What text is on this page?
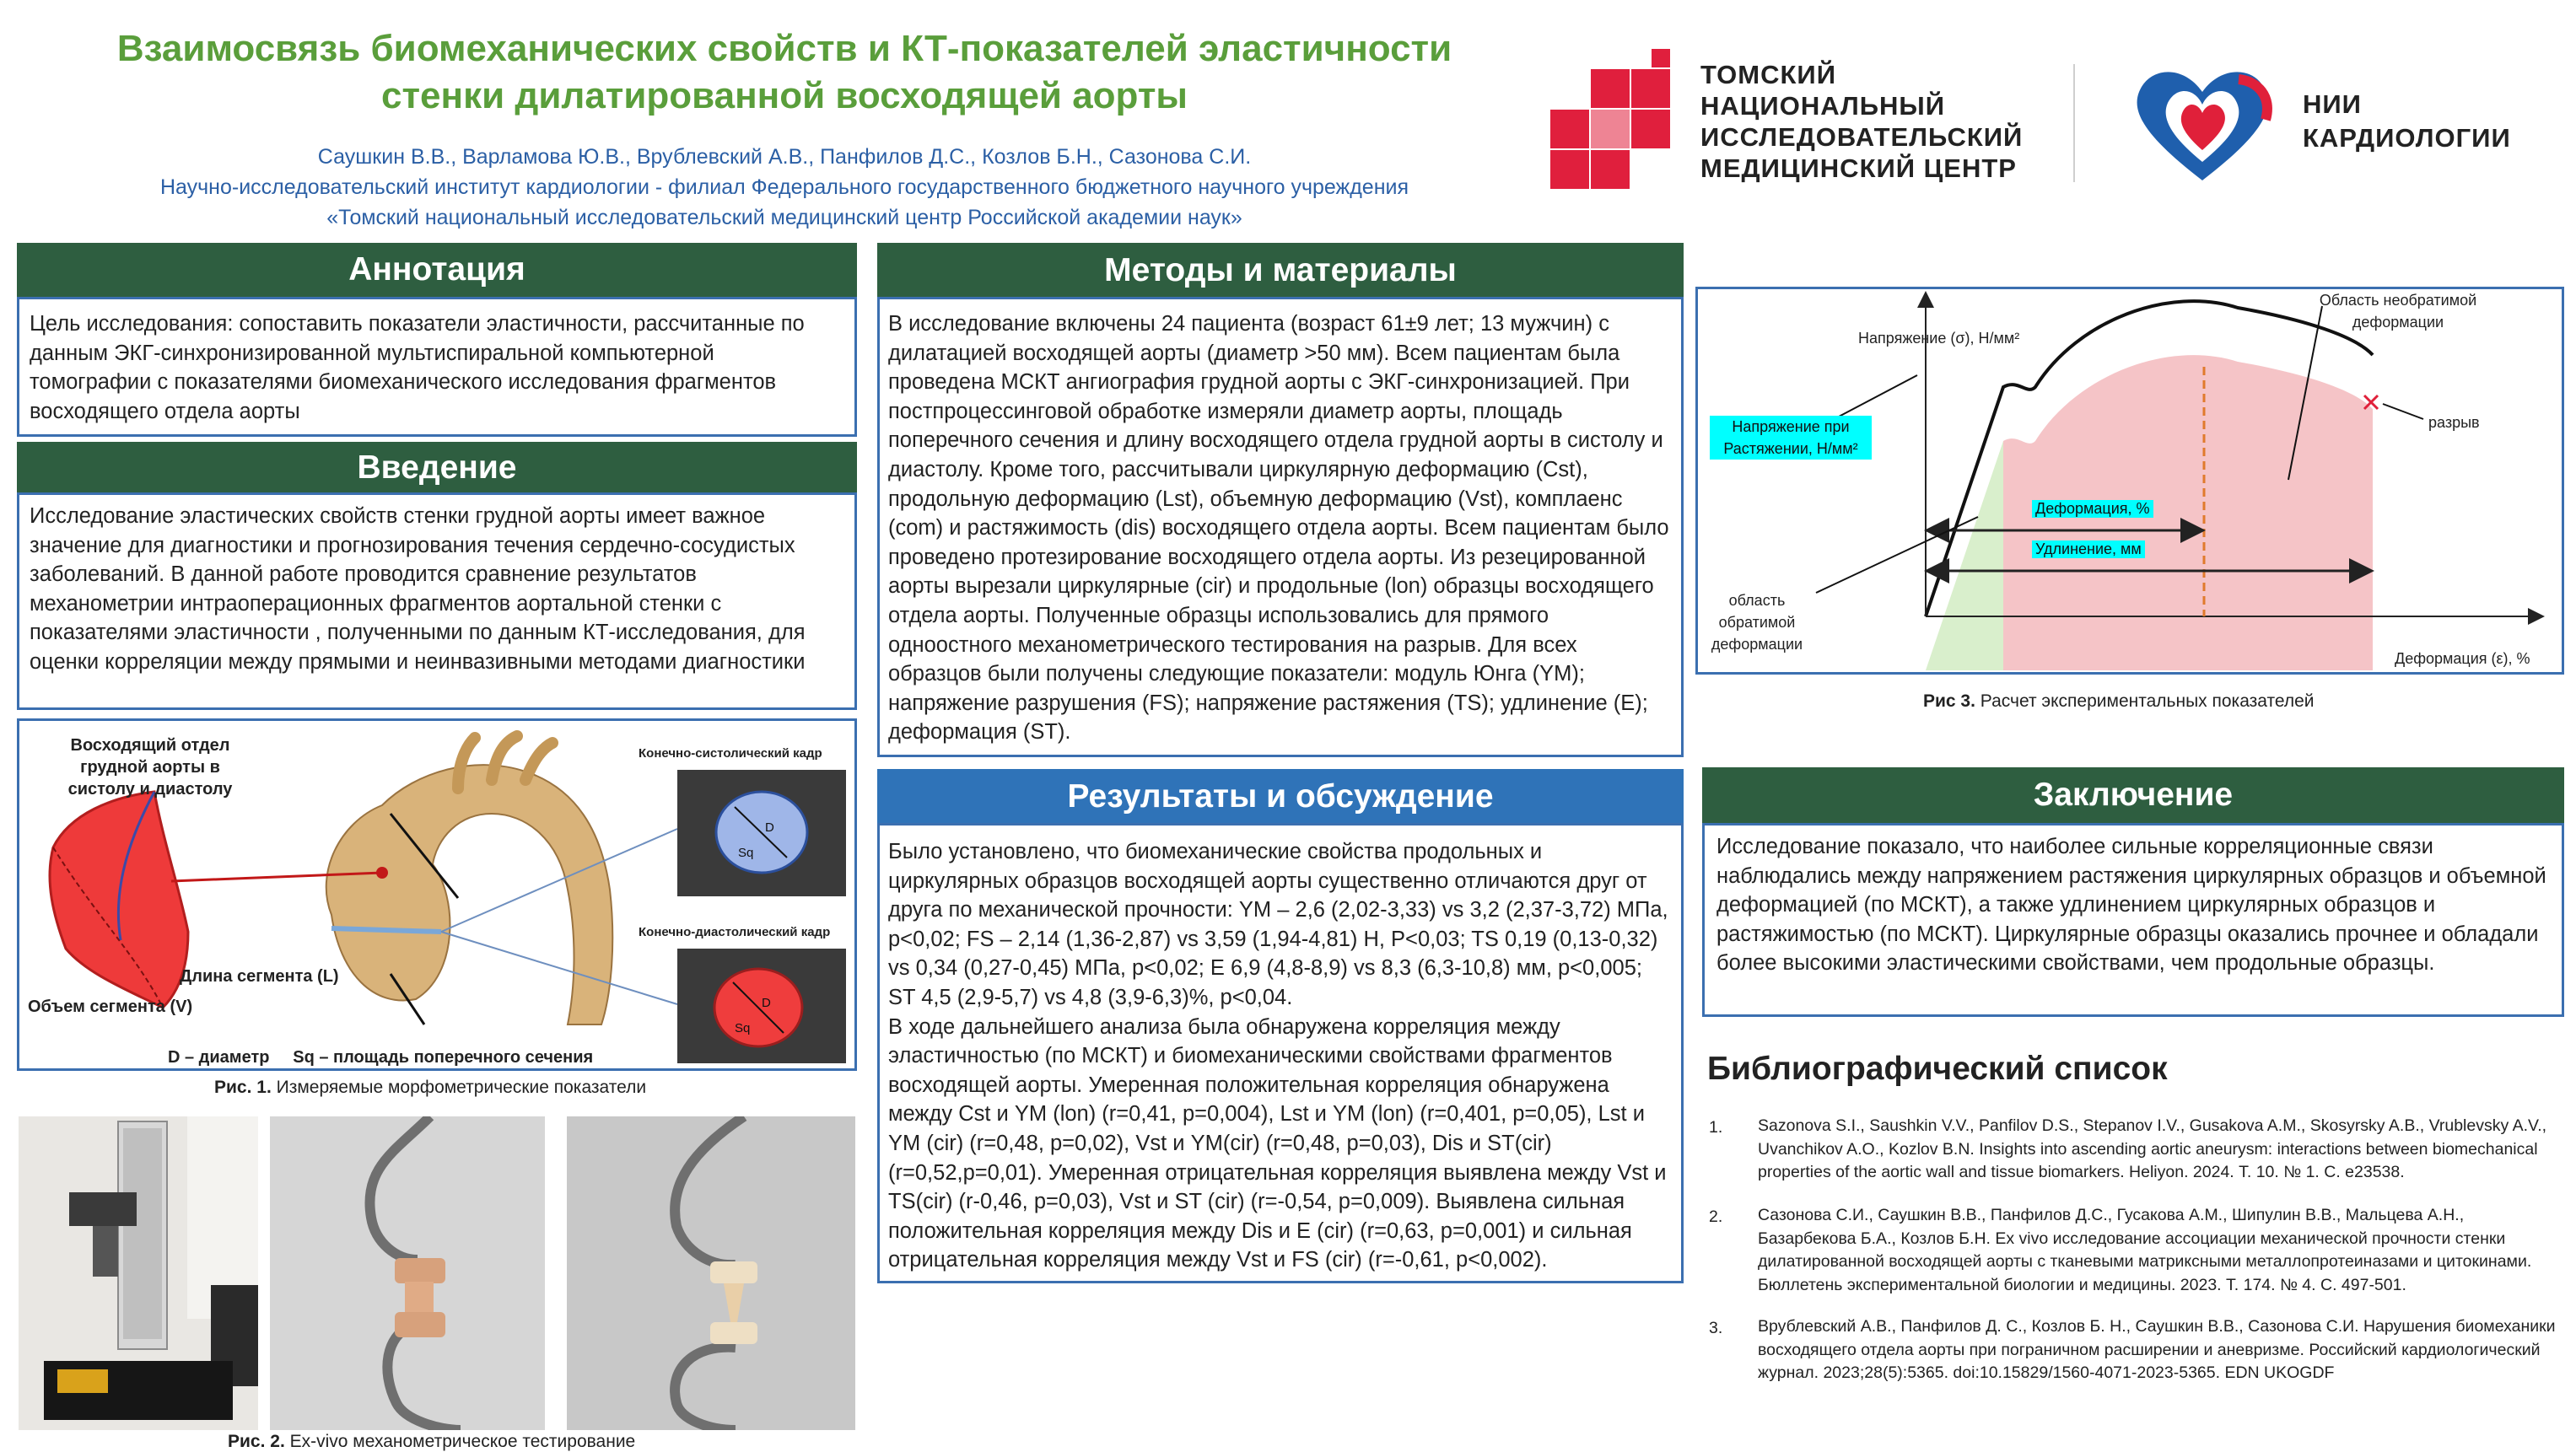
Взаимосвязь биомеханических свойств и КТ-показателей эластичности
стенки дилатированной восходящей аорты
Саушкин В.В., Варламова Ю.В., Врублевский А.В., Панфилов Д.С., Козлов Б.Н., Сазонова С.И.
Научно-исследовательский институт кардиологии - филиал Федерального государственного бюджетного научного учреждения
«Томский национальный исследовательский медицинский центр Российской академии наук»
ТОМСКИЙ
НАЦИОНАЛЬНЫЙ
ИССЛЕДОВАТЕЛЬСКИЙ
МЕДИЦИНСКИЙ ЦЕНТР
НИИ
КАРДИОЛОГИИ
Аннотация
Цель исследования: сопоставить показатели эластичности, рассчитанные по данным ЭКГ-синхронизированной мультиспиральной компьютерной томографии с показателями биомеханического исследования фрагментов восходящего отдела аорты
Введение
Исследование эластических свойств стенки грудной аорты имеет важное значение для диагностики и прогнозирования течения сердечно-сосудистых заболеваний. В данной работе проводится сравнение результатов механометрии интраоперационных фрагментов аортальной стенки с показателями эластичности , полученными по данным КТ-исследования, для оценки корреляции между прямыми и неинвазивными методами диагностики
Восходящий отдел грудной аорты в систолу и диастолу
Длина сегмента (L)
Объем сегмента (V)
Конечно-систолический кадр
Конечно-диастолический кадр
D
Sq
D
Sq
D – диаметр     Sq – площадь поперечного сечения
Рис. 1. Измеряемые морфометрические показатели
Рис. 2. Ex-vivo механометрическое тестирование
Методы и материалы
В исследование включены 24 пациента (возраст 61±9 лет; 13 мужчин) с дилатацией восходящей аорты (диаметр >50 мм). Всем пациентам была проведена МСКТ ангиография грудной аорты с ЭКГ-синхронизацией. При постпроцессинговой обработке измеряли диаметр аорты, площадь поперечного сечения и длину восходящего отдела грудной аорты в систолу и диастолу. Кроме того, рассчитывали циркулярную деформацию (Cst), продольную деформацию (Lst), объемную деформацию (Vst), комплаенс (com) и растяжимость (dis) восходящего отдела аорты. Всем пациентам было проведено протезирование восходящего отдела аорты. Из резецированной аорты вырезали циркулярные (cir) и продольные (lon) образцы восходящего отдела аорты. Полученные образцы использовались для прямого одноостного механометрического тестирования на разрыв. Для всех образцов были получены следующие показатели: модуль Юнга (YM); напряжение разрушения (FS); напряжение растяжения (TS); удлинение (E); деформация (ST).
Результаты и обсуждение
Было установлено, что биомеханические свойства продольных и циркулярных образцов восходящей аорты существенно отличаются друг от друга по механической прочности: YM – 2,6 (2,02-3,33) vs 3,2 (2,37-3,72) МПа, p<0,02; FS – 2,14 (1,36-2,87) vs 3,59 (1,94-4,81) H, P<0,03; TS 0,19 (0,13-0,32) vs 0,34 (0,27-0,45) МПа, p<0,02; E 6,9 (4,8-8,9) vs 8,3 (6,3-10,8) мм, p<0,005; ST 4,5 (2,9-5,7) vs 4,8 (3,9-6,3)%, p<0,04.
В ходе дальнейшего анализа была обнаружена корреляция между эластичностью (по МСКТ) и биомеханическими свойствами фрагментов восходящей аорты. Умеренная положительная корреляция обнаружена между Cst и YM (lon) (r=0,41, p=0,004), Lst и YM (lon) (r=0,401, p=0,05), Lst и YM (cir) (r=0,48, p=0,02), Vst и YM(cir) (r=0,48, p=0,03), Dis и ST(cir) (r=0,52,p=0,01). Умеренная отрицательная корреляция выявлена между Vst и TS(cir) (r-0,46, p=0,03), Vst и ST (cir) (r=-0,54, p=0,009). Выявлена сильная положительная корреляция между Dis и E (cir) (r=0,63, p=0,001) и сильная отрицательная корреляция между Vst и FS (cir) (r=-0,61, p<0,002).
Напряжение (σ), Н/мм²
Напряжение при Растяжении, Н/мм²
Область необратимой деформации
разрыв
Деформация, %
Удлинение, мм
область обратимой деформации
Деформация (ε), %
Рис 3. Расчет экспериментальных показателей
Заключение
Исследование показало, что наиболее сильные корреляционные связи наблюдались между напряжением растяжения циркулярных образцов и объемной деформацией (по МСКТ), а также удлинением циркулярных образцов и растяжимостью (по МСКТ). Циркулярные образцы оказались прочнее и обладали более высокими эластическими свойствами, чем продольные образцы.
Библиографический список
1. Sazonova S.I., Saushkin V.V., Panfilov D.S., Stepanov I.V., Gusakova A.M., Skosyrsky A.B., Vrublevsky A.V., Uvanchikov A.O., Kozlov B.N. Insights into ascending aortic aneurysm: interactions between biomechanical properties of the aortic wall and tissue biomarkers. Heliyon. 2024. Т. 10. № 1. С. e23538.
2. Сазонова С.И., Саушкин В.В., Панфилов Д.С., Гусакова А.М., Шипулин В.В., Мальцева А.Н., Базарбекова Б.А., Козлов Б.Н. Ex vivo исследование ассоциации механической прочности стенки дилатированной восходящей аорты с тканевыми матриксными металлопротеиназами и цитокинами. Бюллетень экспериментальной биологии и медицины. 2023. Т. 174. № 4. С. 497-501.
3. Врублевский А.В., Панфилов Д. С., Козлов Б. Н., Саушкин В.В., Сазонова С.И. Нарушения биомеханики восходящего отдела аорты при пограничном расширении и аневризме. Российский кардиологический журнал. 2023;28(5):5365. doi:10.15829/1560-4071-2023-5365. EDN UKOGDF
